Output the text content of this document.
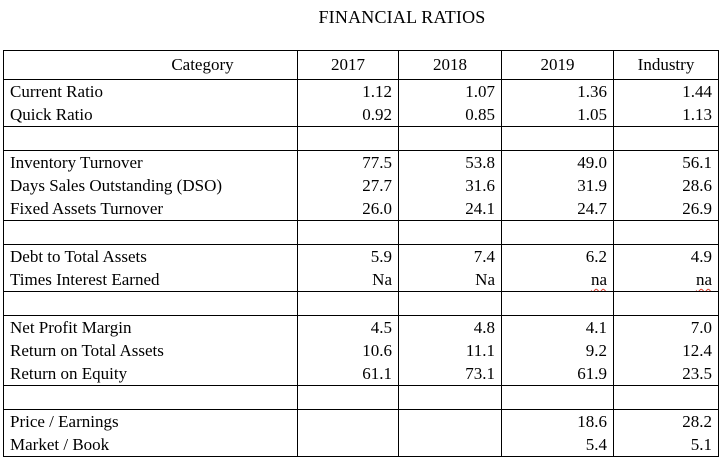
FINANCIAL RATIOS
Category	2017	2018	2019	Industry
Current Ratio	1.12	1.07	1.36	1.44
Quick Ratio	0.92	0.85	1.05	1.13

Inventory Turnover	77.5	53.8	49.0	56.1
Days Sales Outstanding (DSO)	27.7	31.6	31.9	28.6
Fixed Assets Turnover	26.0	24.1	24.7	26.9

Debt to Total Assets	5.9	7.4	6.2	4.9
Times Interest Earned	Na	Na	na	na

Net Profit Margin	4.5	4.8	4.1	7.0
Return on Total Assets	10.6	11.1	9.2	12.4
Return on Equity	61.1	73.1	61.9	23.5

Price / Earnings			18.6	28.2
Market / Book			5.4	5.1
